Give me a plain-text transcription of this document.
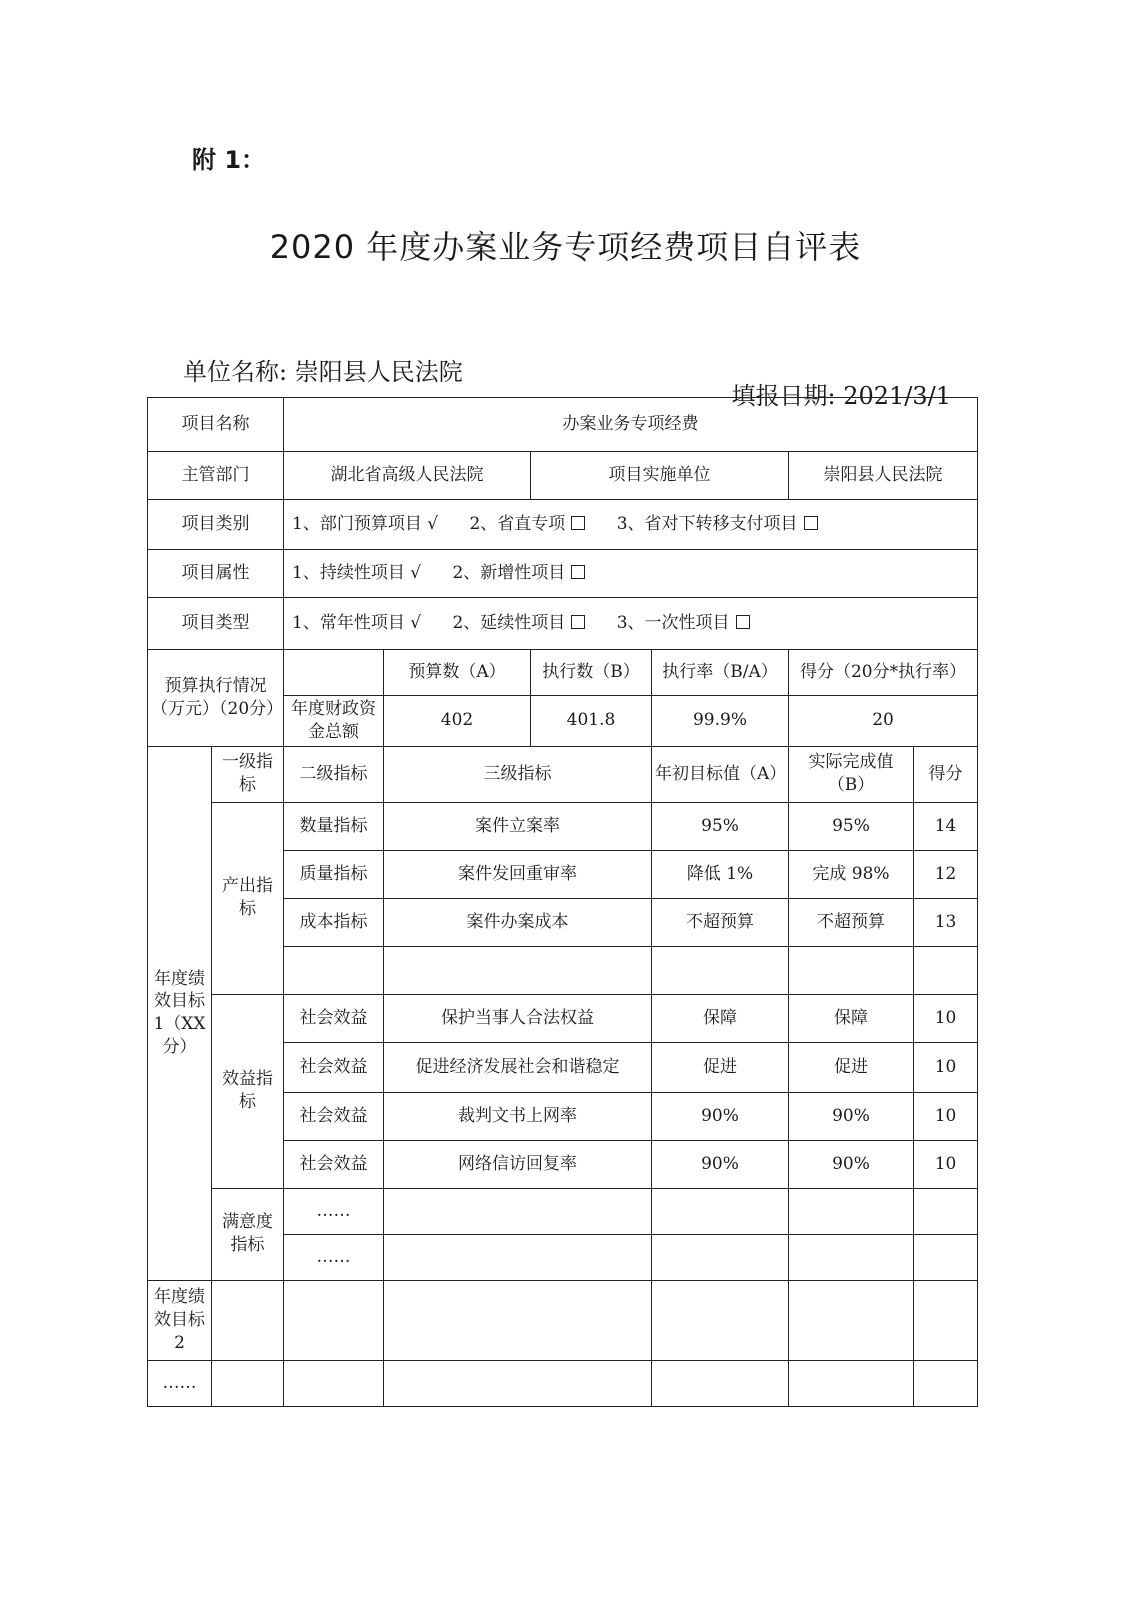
附 1：
2020 年度办案业务专项经费项目自评表
单位名称: 崇阳县人民法院
填报日期: 2021/3/1
项目名称		办案业务专项经费					
主管部门		湖北省高级人民法院		项目实施单位		崇阳县人民法院	
项目类别		1、部门预算项目 √ 2、省直专项 3、省对下转移支付项目					
项目属性		1、持续性项目 √ 2、新增性项目					
项目类型		1、常年性项目 √ 2、延续性项目 3、一次性项目					
预算执行情况（万元）（20分）			预算数（A）	执行数（B）	执行率（B/A）	得分（20分*执行率）	
		年度财政资金总额	402	401.8	99.9%	20	
年度绩效目标 1（XX分）	一级指标	二级指标	三级指标		年初目标值（A）	实际完成值（B）	得分
	产出指标	数量指标	案件立案率		95%	95%	14
		质量指标	案件发回重审率		降低 1%	完成 98%	12
		成本指标	案件办案成本		不超预算	不超预算	13

	效益指标	社会效益	保护当事人合法权益		保障	保障	10
		社会效益	促进经济发展社会和谐稳定		促进	促进	10
		社会效益	裁判文书上网率		90%	90%	10
		社会效益	网络信访回复率		90%	90%	10
	满意度指标	……					
		……					
年度绩效目标 2							
……							
